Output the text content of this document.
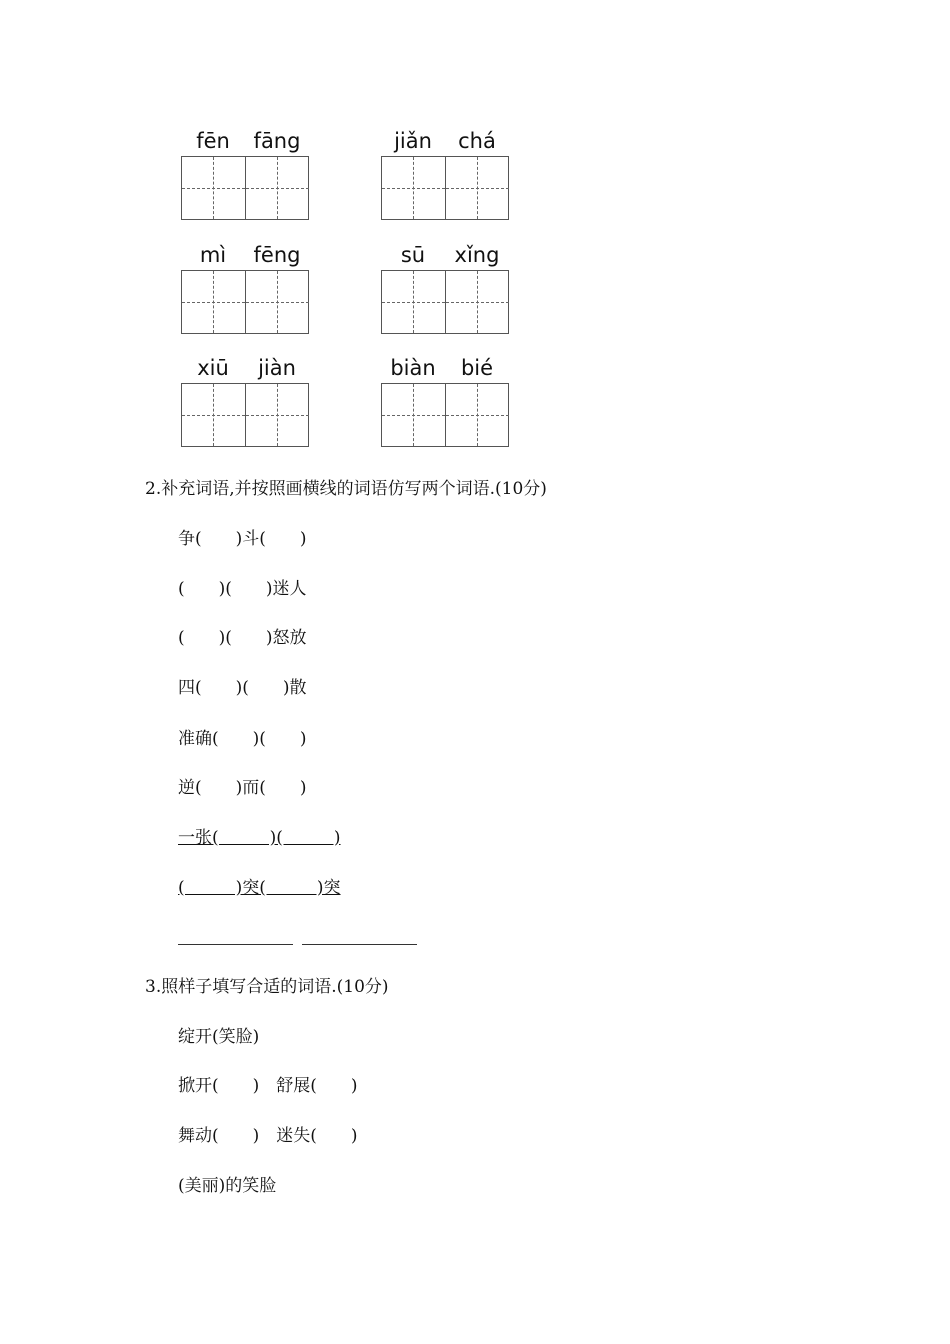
fēn	fāng	jiǎn	chá
mì	fēng	sū	xǐng
xiū	jiàn	biàn	bié
2.补充词语,并按照画横线的词语仿写两个词语.(10分)
争(　　)斗(　　)
(　　)(　　)迷人
(　　)(　　)怒放
四(　　)(　　)散
准确(　　)(　　)
逆(　　)而(　　)
一张(　　　)(　　　)
(　　　)突(　　　)突
3.照样子填写合适的词语.(10分)
绽开(笑脸)
掀开(　　)　舒展(　　)
舞动(　　)　迷失(　　)
(美丽)的笑脸
